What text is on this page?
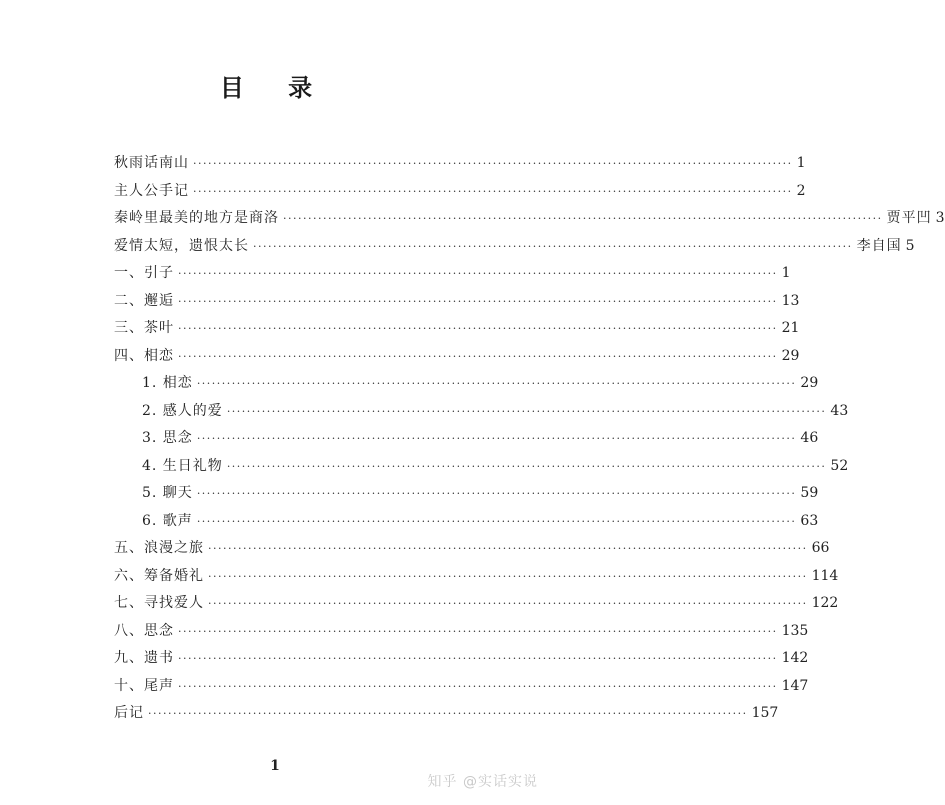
目 录
秋雨话南山 ························································································································ 1
主人公手记 ························································································································ 2
秦岭里最美的地方是商洛 ························································································································ 贾平凹 3
爱情太短，遗恨太长 ························································································································ 李自国 5
一、引子 ························································································································ 1
二、邂逅 ························································································································ 13
三、茶叶 ························································································································ 21
四、相恋 ························································································································ 29
1. 相恋 ························································································································ 29
2. 感人的爱 ························································································································ 43
3. 思念 ························································································································ 46
4. 生日礼物 ························································································································ 52
5. 聊天 ························································································································ 59
6. 歌声 ························································································································ 63
五、浪漫之旅 ························································································································ 66
六、筹备婚礼 ························································································································ 114
七、寻找爱人 ························································································································ 122
八、思念 ························································································································ 135
九、遗书 ························································································································ 142
十、尾声 ························································································································ 147
后记 ························································································································ 157
1
知乎 @实话实说
